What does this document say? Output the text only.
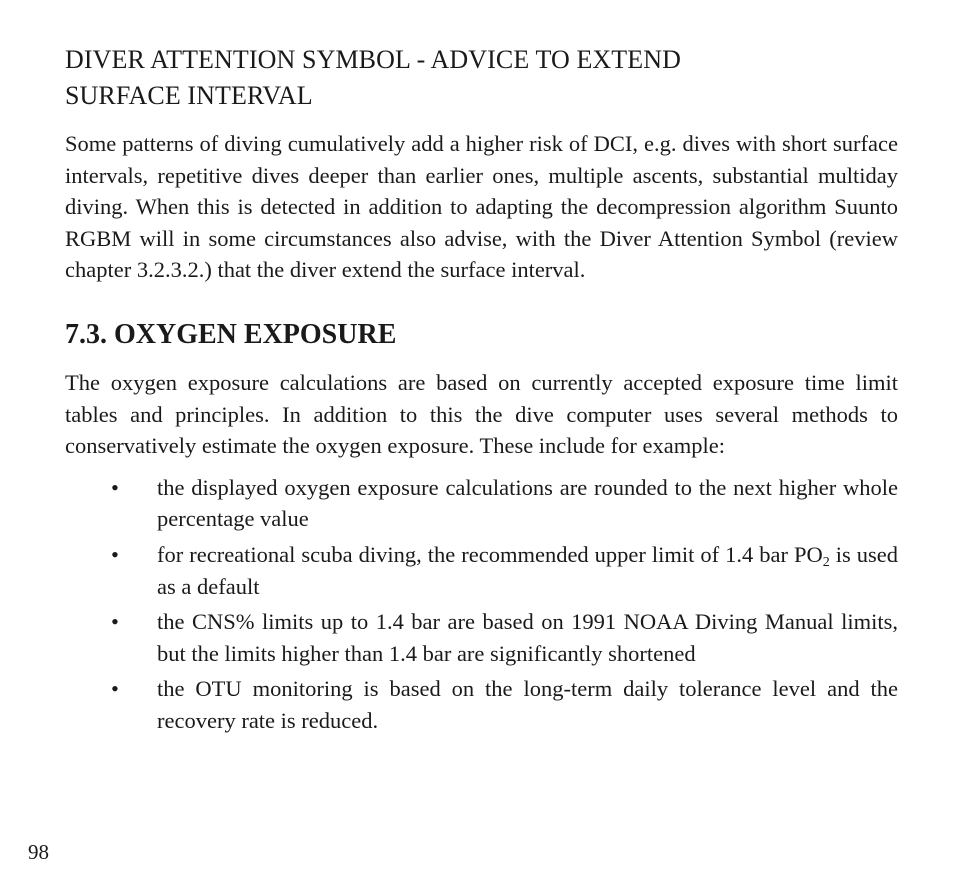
DIVER ATTENTION SYMBOL - ADVICE TO EXTEND
SURFACE INTERVAL

Some patterns of diving cumulatively add a higher risk of DCI, e.g. dives with short surface intervals, repetitive dives deeper than earlier ones, multiple ascents, substantial multiday diving. When this is detected in addition to adapting the decompression algorithm Suunto RGBM will in some circumstances also advise, with the Diver Attention Symbol (review chapter 3.2.3.2.) that the diver extend the surface interval.

7.3. OXYGEN EXPOSURE

The oxygen exposure calculations are based on currently accepted exposure time limit tables and principles. In addition to this the dive computer uses several methods to conservatively estimate the oxygen exposure. These include for example:

• the displayed oxygen exposure calculations are rounded to the next higher whole percentage value
• for recreational scuba diving, the recommended upper limit of 1.4 bar $PO_2$ is used as a default
• the CNS% limits up to 1.4 bar are based on 1991 NOAA Diving Manual limits, but the limits higher than 1.4 bar are significantly shortened
• the OTU monitoring is based on the long-term daily tolerance level and the recovery rate is reduced.
98
